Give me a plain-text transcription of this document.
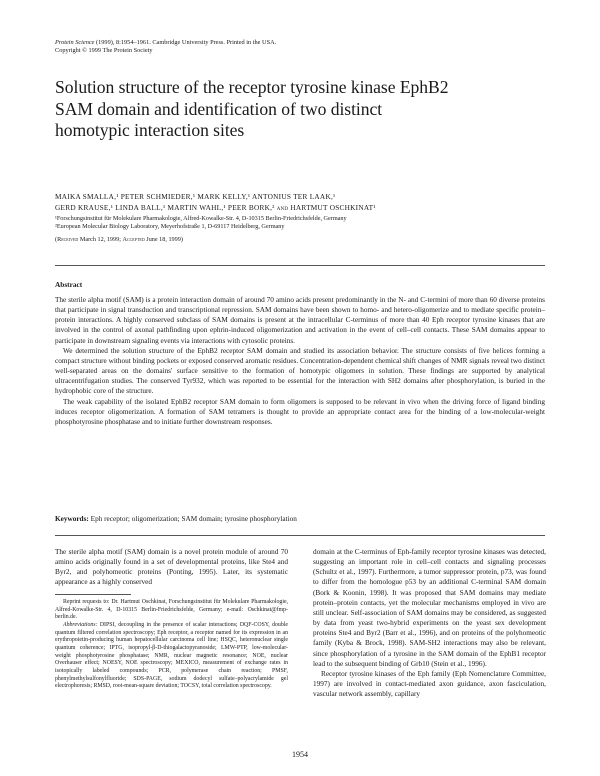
Protein Science (1999), 8:1954–1961. Cambridge University Press. Printed in the USA.
Copyright © 1999 The Protein Society
Solution structure of the receptor tyrosine kinase EphB2
SAM domain and identification of two distinct
homotypic interaction sites
MAIKA SMALLA,¹ PETER SCHMIEDER,¹ MARK KELLY,¹ ANTONIUS TER LAAK,¹
GERD KRAUSE,¹ LINDA BALL,¹ MARTIN WAHL,¹ PEER BORK,² and HARTMUT OSCHKINAT¹
¹Forschungsinstitut für Molekulare Pharmakologie, Alfred-Kowalke-Str. 4, D-10315 Berlin-Friedrichsfelde, Germany
²European Molecular Biology Laboratory, Meyerhofstraße 1, D-69117 Heidelberg, Germany
(Received March 12, 1999; Accepted June 18, 1999)
Abstract

The sterile alpha motif (SAM) is a protein interaction domain of around 70 amino acids present predominantly in the N- and C-termini of more than 60 diverse proteins that participate in signal transduction and transcriptional repression. SAM domains have been shown to homo- and hetero-oligomerize and to mediate specific protein–protein interactions. A highly conserved subclass of SAM domains is present at the intracellular C-terminus of more than 40 Eph receptor tyrosine kinases that are involved in the control of axonal pathfinding upon ephrin-induced oligomerization and activation in the event of cell–cell contacts. These SAM domains appear to participate in downstream signaling events via interactions with cytosolic proteins.

We determined the solution structure of the EphB2 receptor SAM domain and studied its association behavior. The structure consists of five helices forming a compact structure without binding pockets or exposed conserved aromatic residues. Concentration-dependent chemical shift changes of NMR signals reveal two distinct well-separated areas on the domains' surface sensitive to the formation of homotypic oligomers in solution. These findings are supported by analytical ultracentrifugation studies. The conserved Tyr932, which was reported to be essential for the interaction with SH2 domains after phosphorylation, is buried in the hydrophobic core of the structure.

The weak capability of the isolated EphB2 receptor SAM domain to form oligomers is supposed to be relevant in vivo when the driving force of ligand binding induces receptor oligomerization. A formation of SAM tetramers is thought to provide an appropriate contact area for the binding of a low-molecular-weight phosphotyrosine phosphatase and to initiate further downstream responses.

Keywords: Eph receptor; oligomerization; SAM domain; tyrosine phosphorylation

The sterile alpha motif (SAM) domain is a novel protein module of around 70 amino acids originally found in a set of developmental proteins, like Ste4 and Byr2, and polyhomeotic proteins (Ponting, 1995). Later, its systematic appearance as a highly conserved

Reprint requests to: Dr. Hartmut Oschkinat, Forschungsinstitut für Molekulare Pharmakologie, Alfred-Kowalke-Str. 4, D-10315 Berlin-Friedrichsfelde, Germany; e-mail: Oschkinat@fmp-berlin.de.

Abbreviations: DIPSI, decoupling in the presence of scalar interactions; DQF-COSY, double quantum filtered correlation spectroscopy; Eph receptor, a receptor named for its expression in an erythropoietin-producing human hepatocellular carcinoma cell line; HSQC, heteronuclear single quantum coherence; IPTG, isopropyl-β-D-thiogalactopyranoside; LMW-PTP, low-molecular-weight phosphotyrosine phosphatase; NMR, nuclear magnetic resonance; NOE, nuclear Overhauser effect; NOESY, NOE spectroscopy; MEXICO, measurement of exchange rates in isotopically labeled compounds; PCR, polymerase chain reaction; PMSF, phenylmethylsulfonylfluoride; SDS-PAGE, sodium dodecyl sulfate–polyacrylamide gel electrophoresis; RMSD, root-mean-square deviation; TOCSY, total correlation spectroscopy.

domain at the C-terminus of Eph-family receptor tyrosine kinases was detected, suggesting an important role in cell–cell contacts and signaling processes (Schultz et al., 1997). Furthermore, a tumor suppressor protein, p73, was found to differ from the homologue p53 by an additional C-terminal SAM domain (Bork & Koonin, 1998). It was proposed that SAM domains may mediate protein–protein contacts, yet the molecular mechanisms employed in vivo are still unclear. Self-association of SAM domains may be considered, as suggested by data from yeast two-hybrid experiments on the yeast sex development proteins Ste4 and Byr2 (Barr et al., 1996), and on proteins of the polyhomeotic family (Kyba & Brock, 1998). SAM-SH2 interactions may also be relevant, since phosphorylation of a tyrosine in the SAM domain of the EphB1 receptor lead to the subsequent binding of Grb10 (Stein et al., 1996).

Receptor tyrosine kinases of the Eph family (Eph Nomenclature Committee, 1997) are involved in contact-mediated axon guidance, axon fasciculation, vascular network assembly, capillary

1954
